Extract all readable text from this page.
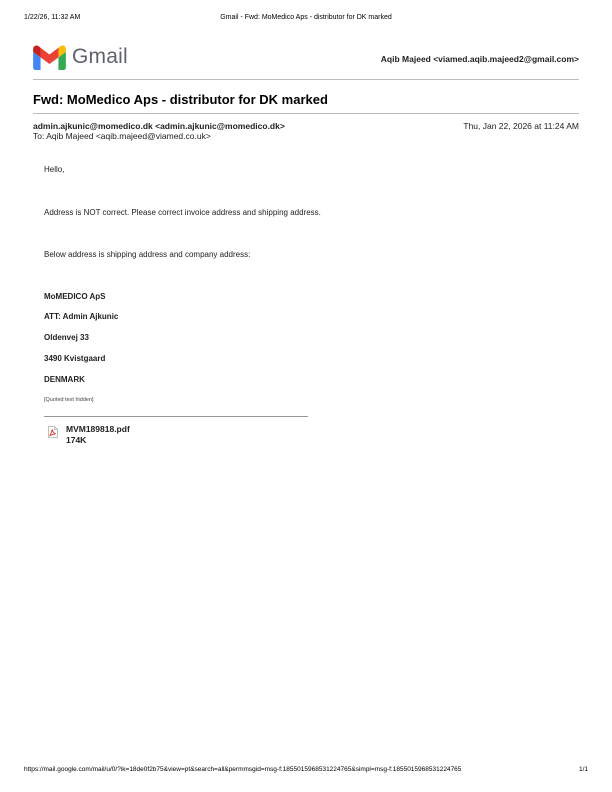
1/22/26, 11:32 AM	Gmail - Fwd: MoMedico Aps - distributor for DK marked
Gmail	Aqib Majeed <viamed.aqib.majeed2@gmail.com>
Fwd: MoMedico Aps - distributor for DK marked
admin.ajkunic@momedico.dk <admin.ajkunic@momedico.dk>	Thu, Jan 22, 2026 at 11:24 AM
To: Aqib Majeed <aqib.majeed@viamed.co.uk>
Hello,
Address is NOT correct. Please correct invoice address and shipping address.
Below address is shipping address and company address:
MoMEDICO ApS
ATT: Admin Ajkunic
Oldenvej 33
3490 Kvistgaard
DENMARK
[Quoted text hidden]
MVM189818.pdf
174K
https://mail.google.com/mail/u/0/?ik=18de0f2b75&view=pt&search=all&permmsgid=msg-f:1855015968531224765&simpl=msg-f:1855015968531224765	1/1
